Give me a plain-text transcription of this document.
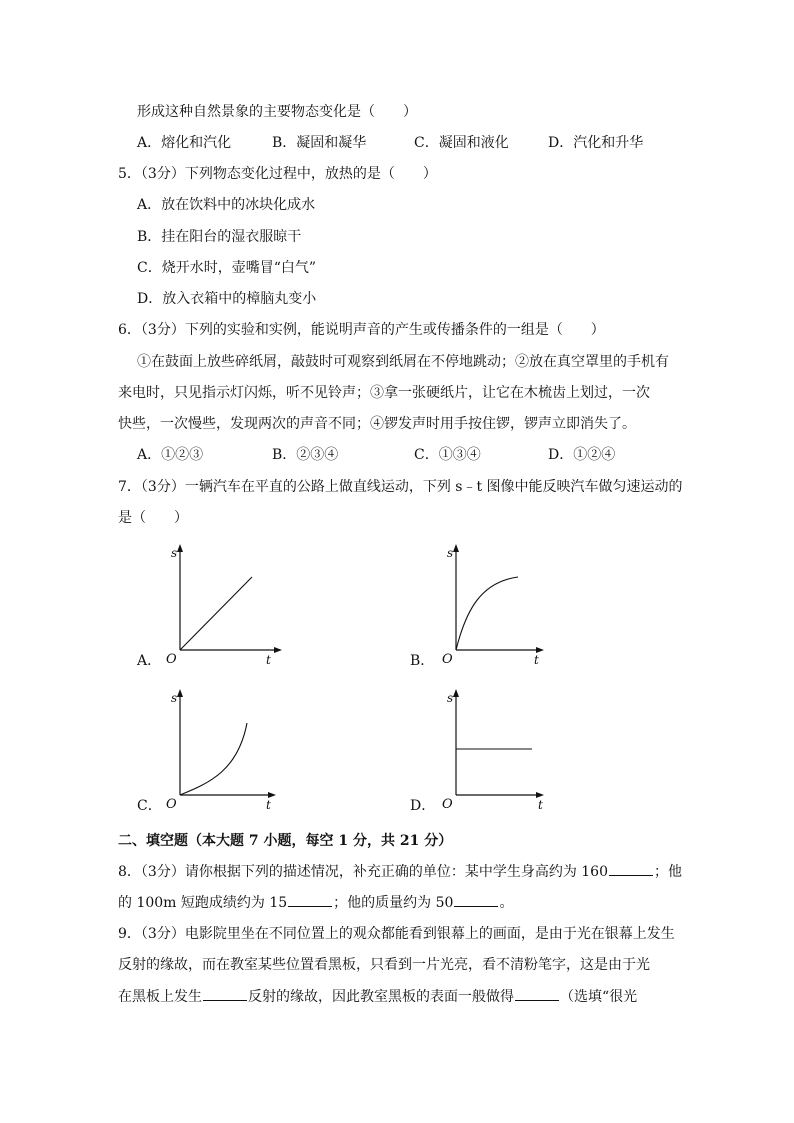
形成这种自然景象的主要物态变化是（　　）
A．熔化和汽化	B．凝固和凝华	C．凝固和液化	D．汽化和升华
5．（3分）下列物态变化过程中，放热的是（　　）
A．放在饮料中的冰块化成水
B．挂在阳台的湿衣服晾干
C．烧开水时，壶嘴冒“白气”
D．放入衣箱中的樟脑丸变小
6．（3分）下列的实验和实例，能说明声音的产生或传播条件的一组是（　　）
①在鼓面上放些碎纸屑，敲鼓时可观察到纸屑在不停地跳动；②放在真空罩里的手机有
来电时，只见指示灯闪烁，听不见铃声；③拿一张硬纸片，让它在木梳齿上划过，一次
快些，一次慢些，发现两次的声音不同；④锣发声时用手按住锣，锣声立即消失了。
A．①②③	B．②③④	C．①③④	D．①②④
7．（3分）一辆汽车在平直的公路上做直线运动，下列 s﹣t 图像中能反映汽车做匀速运动的
是（　　）
A．
s
t
O	B．
s
t
O
C．
s
t
O	D．
s
t
O
二、填空题（本大题 7 小题，每空 1 分，共 21 分）
8．（3分）请你根据下列的描述情况，补充正确的单位：某中学生身高约为 160	；他
的 100m 短跑成绩约为 15	；他的质量约为 50	。
9．（3分）电影院里坐在不同位置上的观众都能看到银幕上的画面，是由于光在银幕上发生
反射的缘故，而在教室某些位置看黑板，只看到一片光亮，看不清粉笔字，这是由于光
在黑板上发生	反射的缘故，因此教室黑板的表面一般做得	（选填“很光
